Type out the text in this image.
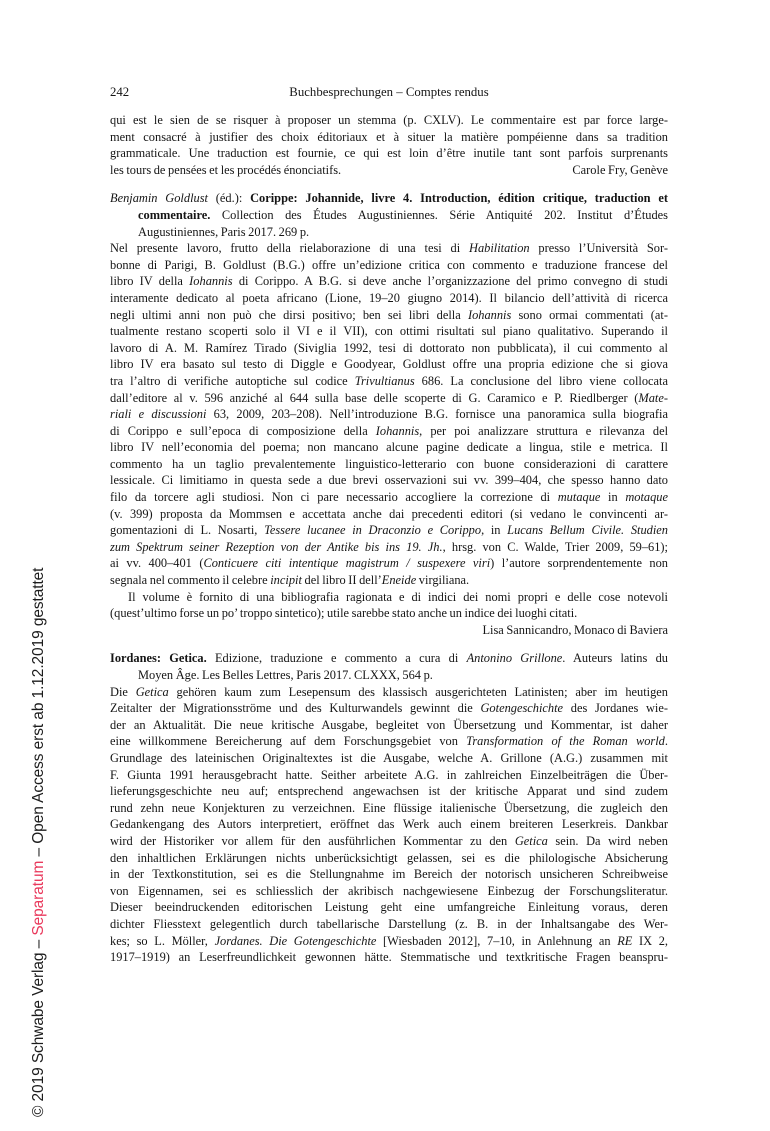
© 2019 Schwabe Verlag – Separatum – Open Access erst ab 1.12.2019 gestattet
242	Buchbesprechungen – Comptes rendus
qui est le sien de se risquer à proposer un stemma (p. CXLV). Le commentaire est par force large-
ment consacré à justifier des choix éditoriaux et à situer la matière pompéienne dans sa tradition
grammaticale. Une traduction est fournie, ce qui est loin d’être inutile tant sont parfois surprenants
les tours de pensées et les procédés énonciatifs.	Carole Fry, Genève
Benjamin Goldlust (éd.): Corippe: Johannide, livre 4. Introduction, édition critique, traduction et
commentaire. Collection des Études Augustiniennes. Série Antiquité 202. Institut d’Études
Augustiniennes, Paris 2017. 269 p.
Nel presente lavoro, frutto della rielaborazione di una tesi di Habilitation presso l’Università Sor-
bonne di Parigi, B. Goldlust (B.G.) offre un’edizione critica con commento e traduzione francese del
libro IV della Iohannis di Corippo. A B.G. si deve anche l’organizzazione del primo convegno di studi
interamente dedicato al poeta africano (Lione, 19–20 giugno 2014). Il bilancio dell’attività di ricerca
negli ultimi anni non può che dirsi positivo; ben sei libri della Iohannis sono ormai commentati (at-
tualmente restano scoperti solo il VI e il VII), con ottimi risultati sul piano qualitativo. Superando il
lavoro di A. M. Ramírez Tirado (Siviglia 1992, tesi di dottorato non pubblicata), il cui commento al
libro IV era basato sul testo di Diggle e Goodyear, Goldlust offre una propria edizione che si giova
tra l’altro di verifiche autoptiche sul codice Trivultianus 686. La conclusione del libro viene collocata
dall’editore al v. 596 anziché al 644 sulla base delle scoperte di G. Caramico e P. Riedlberger (Mate-
riali e discussioni 63, 2009, 203–208). Nell’introduzione B.G. fornisce una panoramica sulla biografia
di Corippo e sull’epoca di composizione della Iohannis, per poi analizzare struttura e rilevanza del
libro IV nell’economia del poema; non mancano alcune pagine dedicate a lingua, stile e metrica. Il
commento ha un taglio prevalentemente linguistico-letterario con buone considerazioni di carattere
lessicale. Ci limitiamo in questa sede a due brevi osservazioni sui vv. 399–404, che spesso hanno dato
filo da torcere agli studiosi. Non ci pare necessario accogliere la correzione di mutaque in motaque
(v. 399) proposta da Mommsen e accettata anche dai precedenti editori (si vedano le convincenti ar-
gomentazioni di L. Nosarti, Tessere lucanee in Draconzio e Corippo, in Lucans Bellum Civile. Studien
zum Spektrum seiner Rezeption von der Antike bis ins 19. Jh., hrsg. von C. Walde, Trier 2009, 59–61);
ai vv. 400–401 (Conticuere citi intentique magistrum / suspexere viri) l’autore sorprendentemente non
segnala nel commento il celebre incipit del libro II dell’Eneide virgiliana.
Il volume è fornito di una bibliografia ragionata e di indici dei nomi propri e delle cose notevoli
(quest’ultimo forse un po’ troppo sintetico); utile sarebbe stato anche un indice dei luoghi citati.
Lisa Sannicandro, Monaco di Baviera
Iordanes: Getica. Edizione, traduzione e commento a cura di Antonino Grillone. Auteurs latins du
Moyen Âge. Les Belles Lettres, Paris 2017. CLXXX, 564 p.
Die Getica gehören kaum zum Lesepensum des klassisch ausgerichteten Latinisten; aber im heutigen
Zeitalter der Migrationsströme und des Kulturwandels gewinnt die Gotengeschichte des Jordanes wie-
der an Aktualität. Die neue kritische Ausgabe, begleitet von Übersetzung und Kommentar, ist daher
eine willkommene Bereicherung auf dem Forschungsgebiet von Transformation of the Roman world.
Grundlage des lateinischen Originaltextes ist die Ausgabe, welche A. Grillone (A.G.) zusammen mit
F. Giunta 1991 herausgebracht hatte. Seither arbeitete A.G. in zahlreichen Einzelbeiträgen die Über-
lieferungsgeschichte neu auf; entsprechend angewachsen ist der kritische Apparat und sind zudem
rund zehn neue Konjekturen zu verzeichnen. Eine flüssige italienische Übersetzung, die zugleich den
Gedankengang des Autors interpretiert, eröffnet das Werk auch einem breiteren Leserkreis. Dankbar
wird der Historiker vor allem für den ausführlichen Kommentar zu den Getica sein. Da wird neben
den inhaltlichen Erklärungen nichts unberücksichtigt gelassen, sei es die philologische Absicherung
in der Textkonstitution, sei es die Stellungnahme im Bereich der notorisch unsicheren Schreibweise
von Eigennamen, sei es schliesslich der akribisch nachgewiesene Einbezug der Forschungsliteratur.
Dieser beeindruckenden editorischen Leistung geht eine umfangreiche Einleitung voraus, deren
dichter Fliesstext gelegentlich durch tabellarische Darstellung (z. B. in der Inhaltsangabe des Wer-
kes; so L. Möller, Jordanes. Die Gotengeschichte [Wiesbaden 2012], 7–10, in Anlehnung an RE IX 2,
1917–1919) an Leserfreundlichkeit gewonnen hätte. Stemmatische und textkritische Fragen beanspru-
